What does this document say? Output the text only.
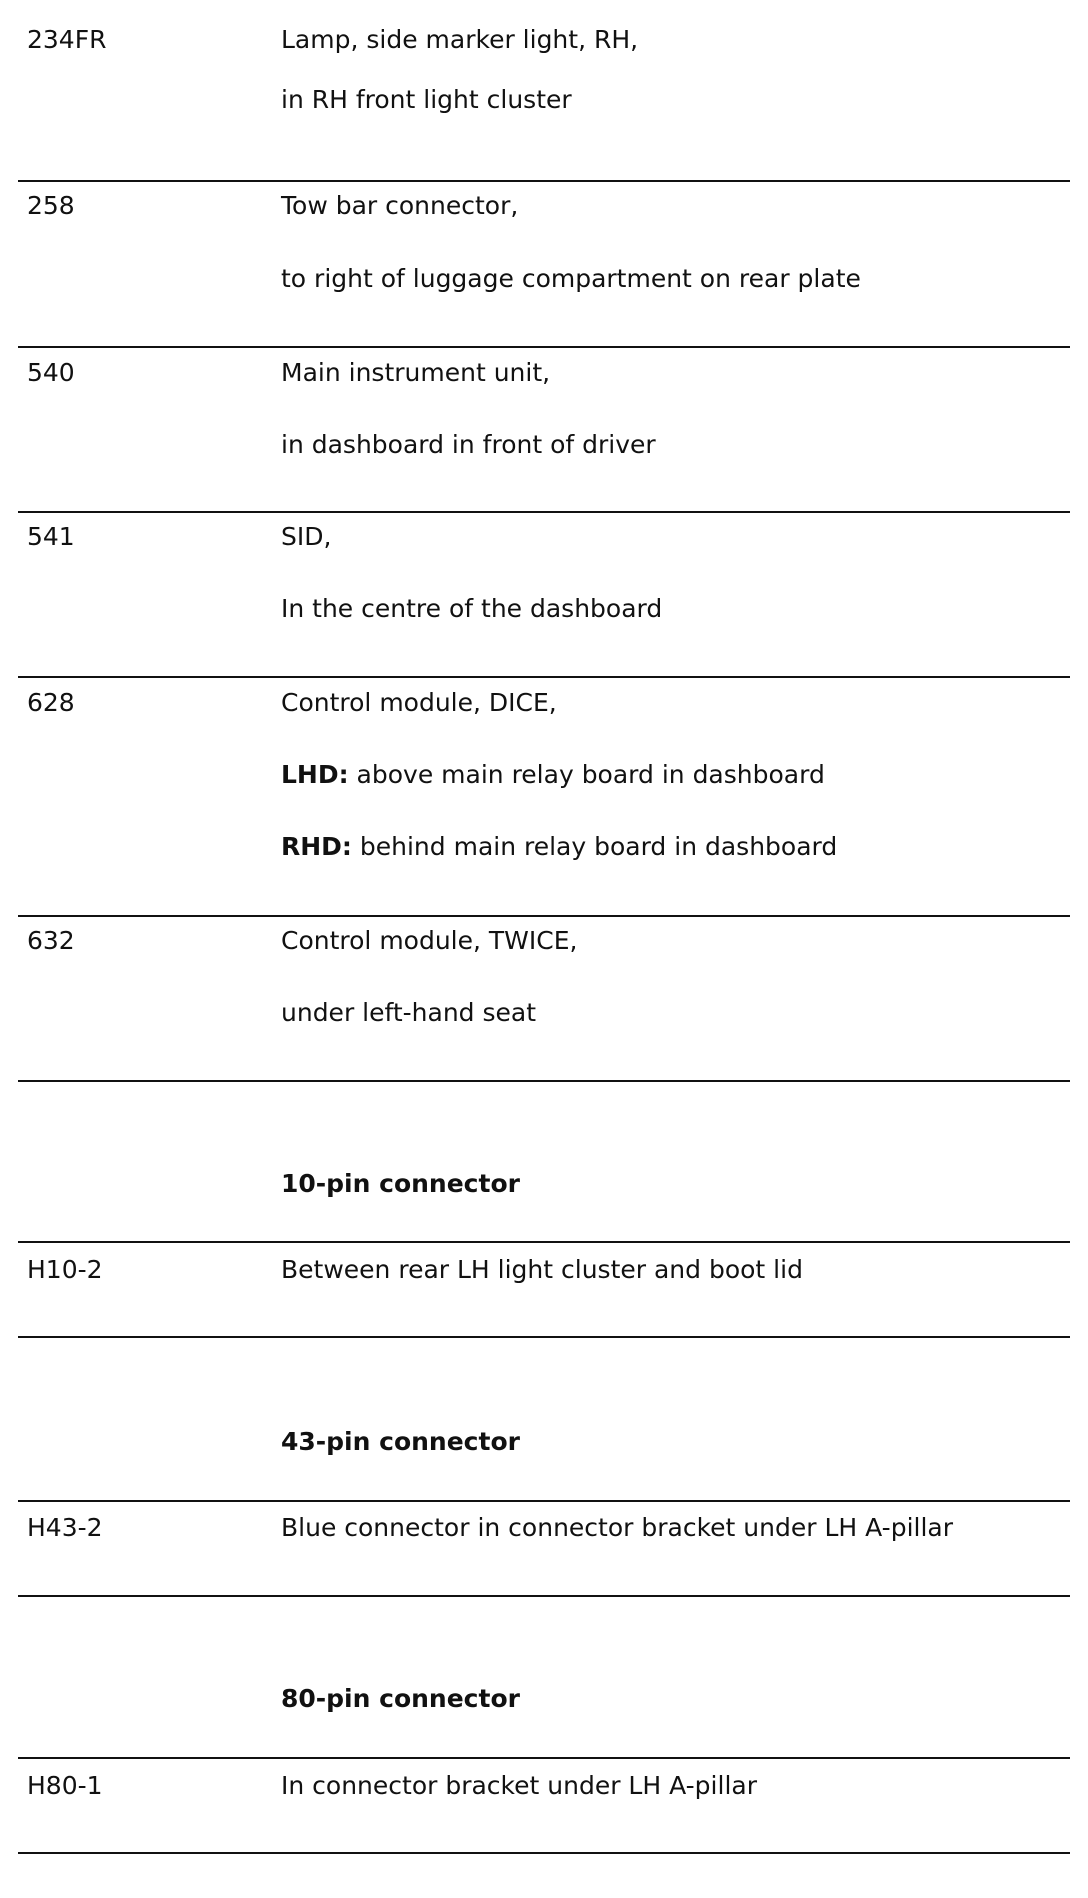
234FR	Lamp, side marker light, RH,
in RH front light cluster
258	Tow bar connector,
to right of luggage compartment on rear plate
540	Main instrument unit,
in dashboard in front of driver
541	SID,
In the centre of the dashboard
628	Control module, DICE,
LHD: above main relay board in dashboard
RHD: behind main relay board in dashboard
632	Control module, TWICE,
under left-hand seat
10-pin connector
H10-2	Between rear LH light cluster and boot lid
43-pin connector
H43-2	Blue connector in connector bracket under LH A-pillar
80-pin connector
H80-1	In connector bracket under LH A-pillar
